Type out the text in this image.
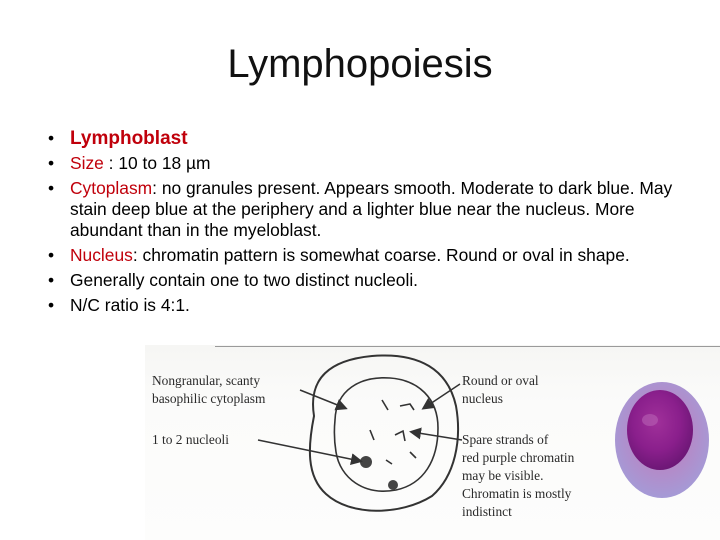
Lymphopoiesis
• Lymphoblast
• Size : 10 to 18 µm
• Cytoplasm: no granules present. Appears smooth. Moderate to dark blue. May stain deep blue at the periphery and a lighter blue near the nucleus. More abundant than in the myeloblast.
• Nucleus: chromatin pattern is somewhat coarse. Round or oval in shape.
• Generally contain one to two distinct nucleoli.
• N/C ratio is 4:1.
Nongranular, scanty
basophilic cytoplasm
1 to 2 nucleoli
Round or oval
nucleus
Spare strands of
red purple chromatin
may be visible.
Chromatin is mostly
indistinct
